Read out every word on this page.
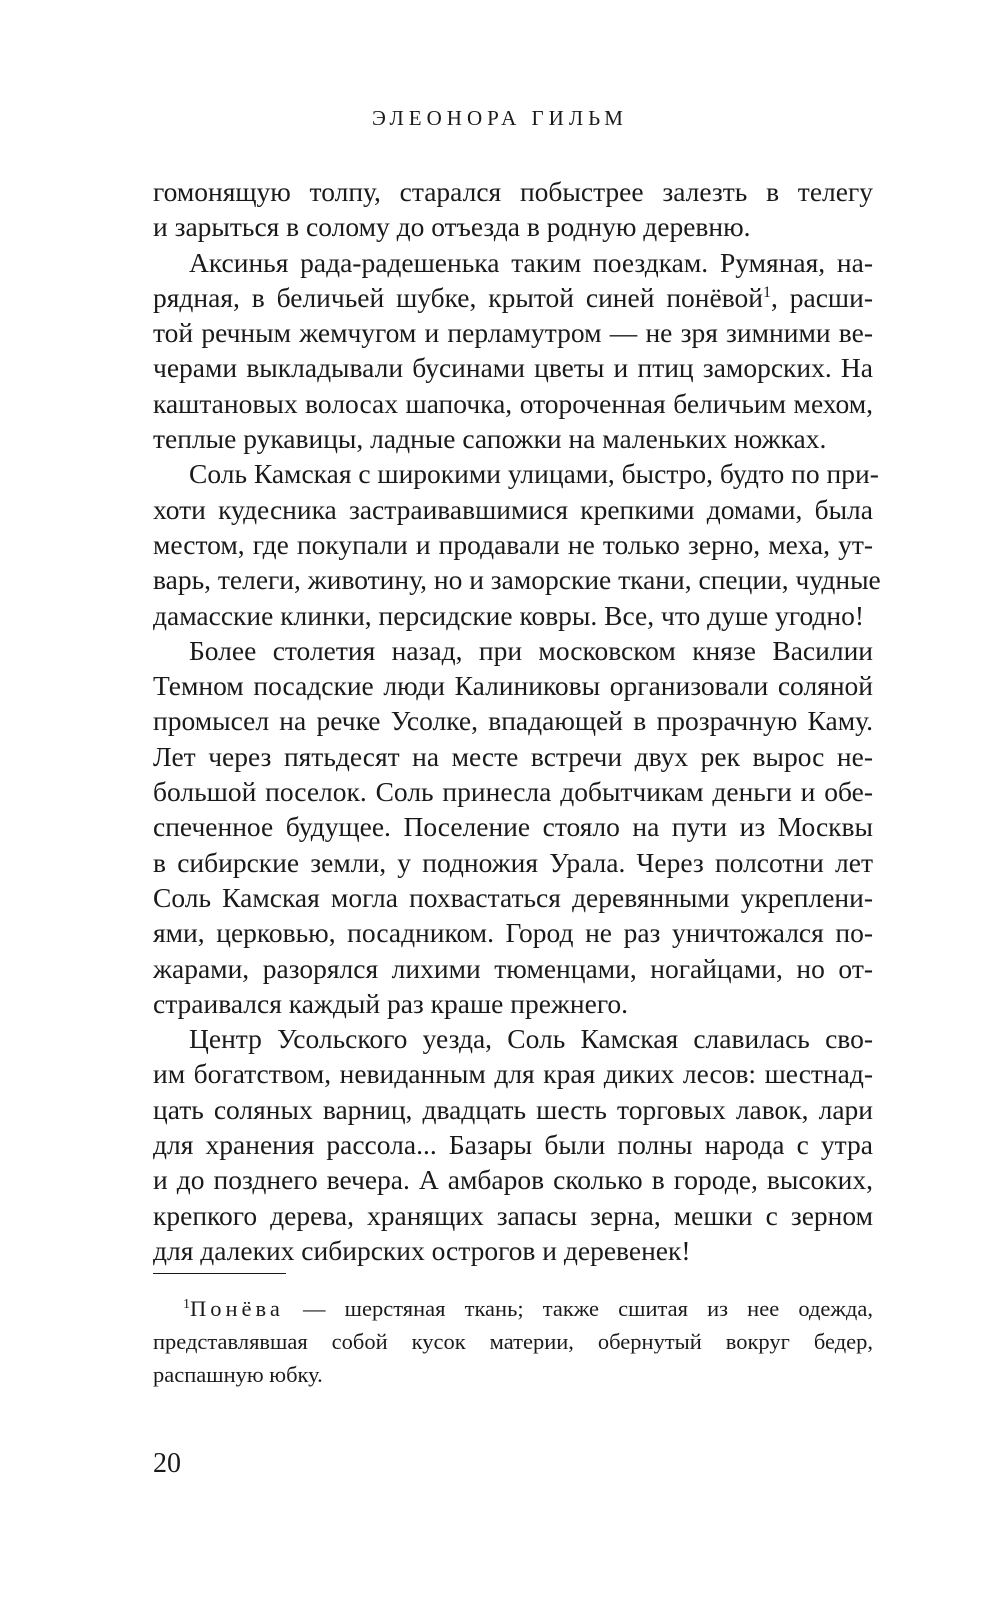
ЭЛЕОНОРА ГИЛЬМ
гомонящую толпу, старался побыстрее залезть в телегу
и зарыться в солому до отъезда в родную деревню.
Аксинья рада-радешенька таким поездкам. Румяная, на-
рядная, в беличьей шубке, крытой синей понёвой$^1$, расши-
той речным жемчугом и перламутром — не зря зимними ве-
черами выкладывали бусинами цветы и птиц заморских. На
каштановых волосах шапочка, отороченная беличьим мехом,
теплые рукавицы, ладные сапожки на маленьких ножках.
Соль Камская с широкими улицами, быстро, будто по при-
хоти кудесника застраивавшимися крепкими домами, была
местом, где покупали и продавали не только зерно, меха, ут-
варь, телеги, животину, но и заморские ткани, специи, чудные
дамасские клинки, персидские ковры. Все, что душе угодно!
Более столетия назад, при московском князе Василии
Темном посадские люди Калиниковы организовали соляной
промысел на речке Усолке, впадающей в прозрачную Каму.
Лет через пятьдесят на месте встречи двух рек вырос не-
большой поселок. Соль принесла добытчикам деньги и обе-
спеченное будущее. Поселение стояло на пути из Москвы
в сибирские земли, у подножия Урала. Через полсотни лет
Соль Камская могла похвастаться деревянными укреплени-
ями, церковью, посадником. Город не раз уничтожался по-
жарами, разорялся лихими тюменцами, ногайцами, но от-
страивался каждый раз краше прежнего.
Центр Усольского уезда, Соль Камская славилась сво-
им богатством, невиданным для края диких лесов: шестнад-
цать соляных варниц, двадцать шесть торговых лавок, лари
для хранения рассола... Базары были полны народа с утра
и до позднего вечера. А амбаров сколько в городе, высоких,
крепкого дерева, хранящих запасы зерна, мешки с зерном
для далеких сибирских острогов и деревенек!
$^1$Понёва — шерстяная ткань; также сшитая из нее одежда,
представлявшая собой кусок материи, обернутый вокруг бедер,
распашную юбку.
20
